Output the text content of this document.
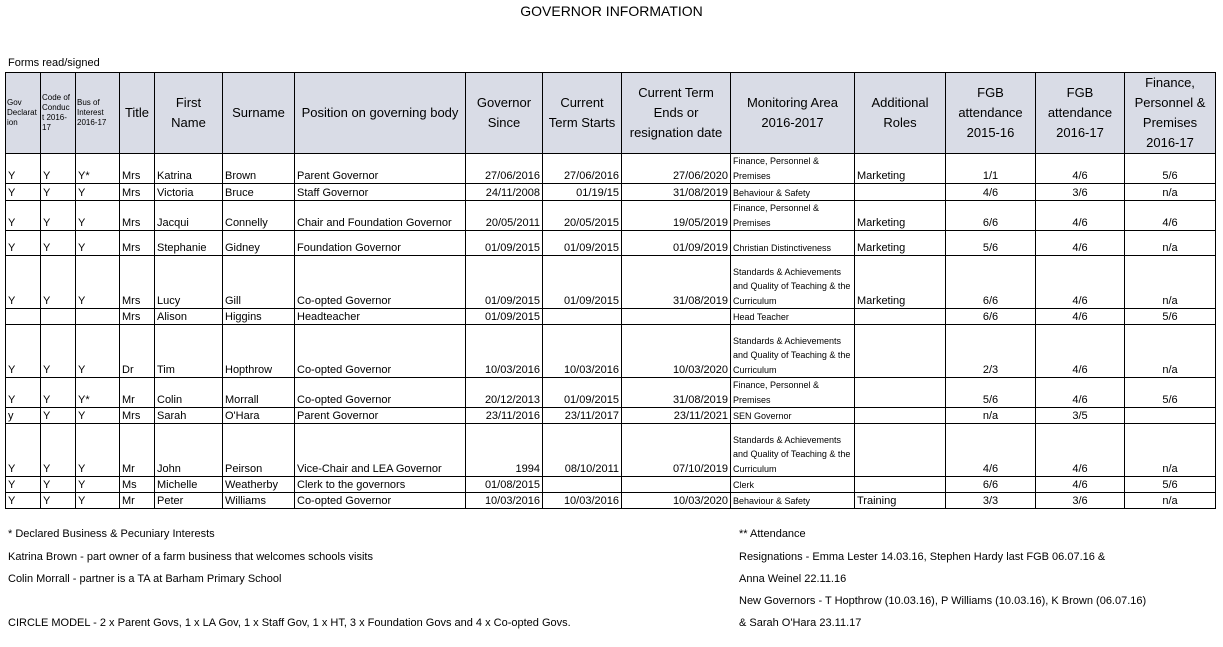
GOVERNOR INFORMATION
Forms read/signed
Gov Declarat ion	Code of Conduc t 2016-17	Bus of Interest 2016-17	Title	First Name	Surname	Position on governing body	Governor Since	Current Term Starts	Current Term Ends or resignation date	Monitoring Area 2016-2017	Additional Roles	FGB attendance 2015-16	FGB attendance 2016-17	Finance, Personnel & Premises 2016-17
Y	Y	Y*	Mrs	Katrina	Brown	Parent Governor	27/06/2016	27/06/2016	27/06/2020	Finance, Personnel & Premises	Marketing	1/1	4/6	5/6
Y	Y	Y	Mrs	Victoria	Bruce	Staff Governor	24/11/2008	01/19/15	31/08/2019	Behaviour & Safety		4/6	3/6	n/a
Y	Y	Y	Mrs	Jacqui	Connelly	Chair and Foundation Governor	20/05/2011	20/05/2015	19/05/2019	Finance, Personnel & Premises	Marketing	6/6	4/6	4/6
Y	Y	Y	Mrs	Stephanie	Gidney	Foundation Governor	01/09/2015	01/09/2015	01/09/2019	Christian Distinctiveness	Marketing	5/6	4/6	n/a
Y	Y	Y	Mrs	Lucy	Gill	Co-opted Governor	01/09/2015	01/09/2015	31/08/2019	Standards & Achievements and Quality of Teaching & the Curriculum	Marketing	6/6	4/6	n/a
			Mrs	Alison	Higgins	Headteacher	01/09/2015			Head Teacher		6/6	4/6	5/6
Y	Y	Y	Dr	Tim	Hopthrow	Co-opted Governor	10/03/2016	10/03/2016	10/03/2020	Standards & Achievements and Quality of Teaching & the Curriculum		2/3	4/6	n/a
Y	Y	Y*	Mr	Colin	Morrall	Co-opted Governor	20/12/2013	01/09/2015	31/08/2019	Finance, Personnel & Premises		5/6	4/6	5/6
y	Y	Y	Mrs	Sarah	O'Hara	Parent Governor	23/11/2016	23/11/2017	23/11/2021	SEN Governor		n/a	3/5	
Y	Y	Y	Mr	John	Peirson	Vice-Chair and LEA Governor	1994	08/10/2011	07/10/2019	Standards & Achievements and Quality of Teaching & the Curriculum		4/6	4/6	n/a
Y	Y	Y	Ms	Michelle	Weatherby	Clerk to the governors	01/08/2015			Clerk		6/6	4/6	5/6
Y	Y	Y	Mr	Peter	Williams	Co-opted Governor	10/03/2016	10/03/2016	10/03/2020	Behaviour & Safety	Training	3/3	3/6	n/a
* Declared Business & Pecuniary Interests
Katrina Brown - part owner of a farm business that welcomes schools visits
Colin Morrall - partner is a TA at Barham Primary School
CIRCLE MODEL - 2 x Parent Govs, 1 x LA Gov, 1 x Staff Gov, 1 x HT, 3 x Foundation Govs and 4 x Co-opted Govs.
** Attendance
Resignations - Emma Lester 14.03.16, Stephen Hardy last FGB 06.07.16 &
Anna Weinel 22.11.16
New Governors - T Hopthrow (10.03.16), P Williams (10.03.16), K Brown (06.07.16)
& Sarah O'Hara 23.11.17
